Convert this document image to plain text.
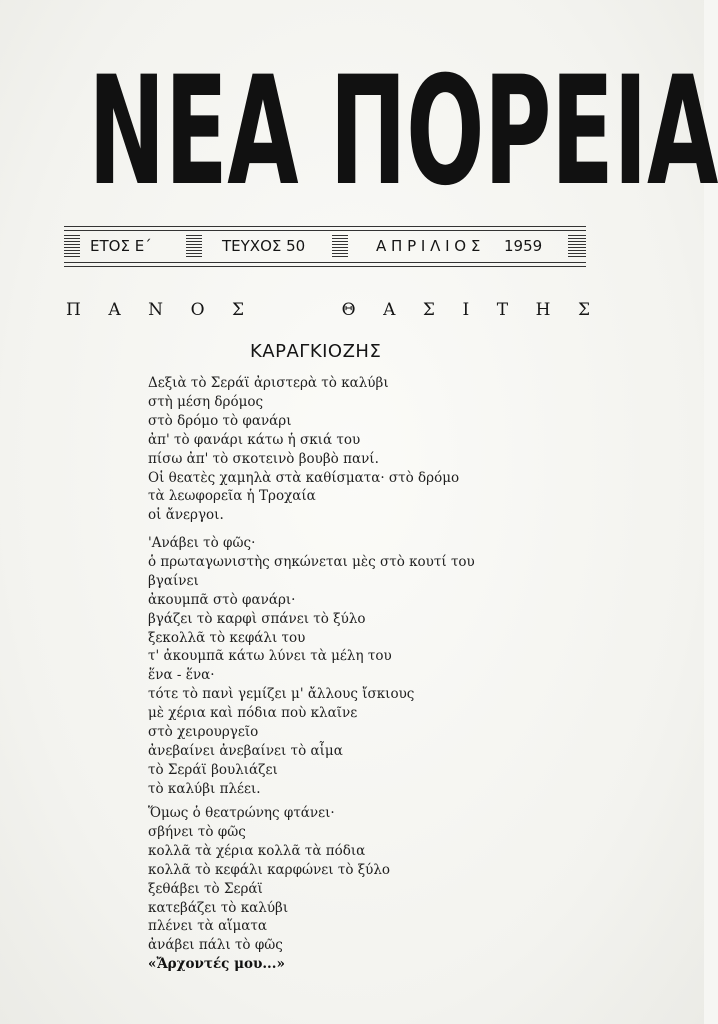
ΝΕΑ ΠΟΡΕΙΑ
ΕΤΟΣ Ε΄	ΤΕΥΧΟΣ 50	Α Π Ρ Ι Λ Ι Ο Σ 1959
Π Α Ν Ο Σ	Θ Α Σ Ι Τ Η Σ
ΚΑΡΑΓΚΙΟΖΗΣ
Δεξιὰ τὸ Σεράϊ ἀριστερὰ τὸ καλύβι
στὴ μέση δρόμος
στὸ δρόμο τὸ φανάρι
ἀπ' τὸ φανάρι κάτω ἡ σκιά του
πίσω ἀπ' τὸ σκοτεινὸ βουβὸ πανί.
Οἱ θεατὲς χαμηλὰ στὰ καθίσματα· στὸ δρόμο
τὰ λεωφορεῖα ἡ Τροχαία
οἱ ἄνεργοι.
'Ανάβει τὸ φῶς·
ὁ πρωταγωνιστὴς σηκώνεται μὲς στὸ κουτί του
βγαίνει
ἀκουμπᾶ στὸ φανάρι·
βγάζει τὸ καρφὶ σπάνει τὸ ξύλο
ξεκολλᾶ τὸ κεφάλι του
τ' ἀκουμπᾶ κάτω λύνει τὰ μέλη του
ἕνα - ἕνα·
τότε τὸ πανὶ γεμίζει μ' ἄλλους ἴσκιους
μὲ χέρια καὶ πόδια ποὺ κλαῖνε
στὸ χειρουργεῖο
ἀνεβαίνει ἀνεβαίνει τὸ αἷμα
τὸ Σεράϊ βουλιάζει
τὸ καλύβι πλέει.
Ὅμως ὁ θεατρώνης φτάνει·
σβήνει τὸ φῶς
κολλᾶ τὰ χέρια κολλᾶ τὰ πόδια
κολλᾶ τὸ κεφάλι καρφώνει τὸ ξύλο
ξεθάβει τὸ Σεράϊ
κατεβάζει τὸ καλύβι
πλένει τὰ αἵματα
ἀνάβει πάλι τὸ φῶς
«Ἄρχοντές μου...»
